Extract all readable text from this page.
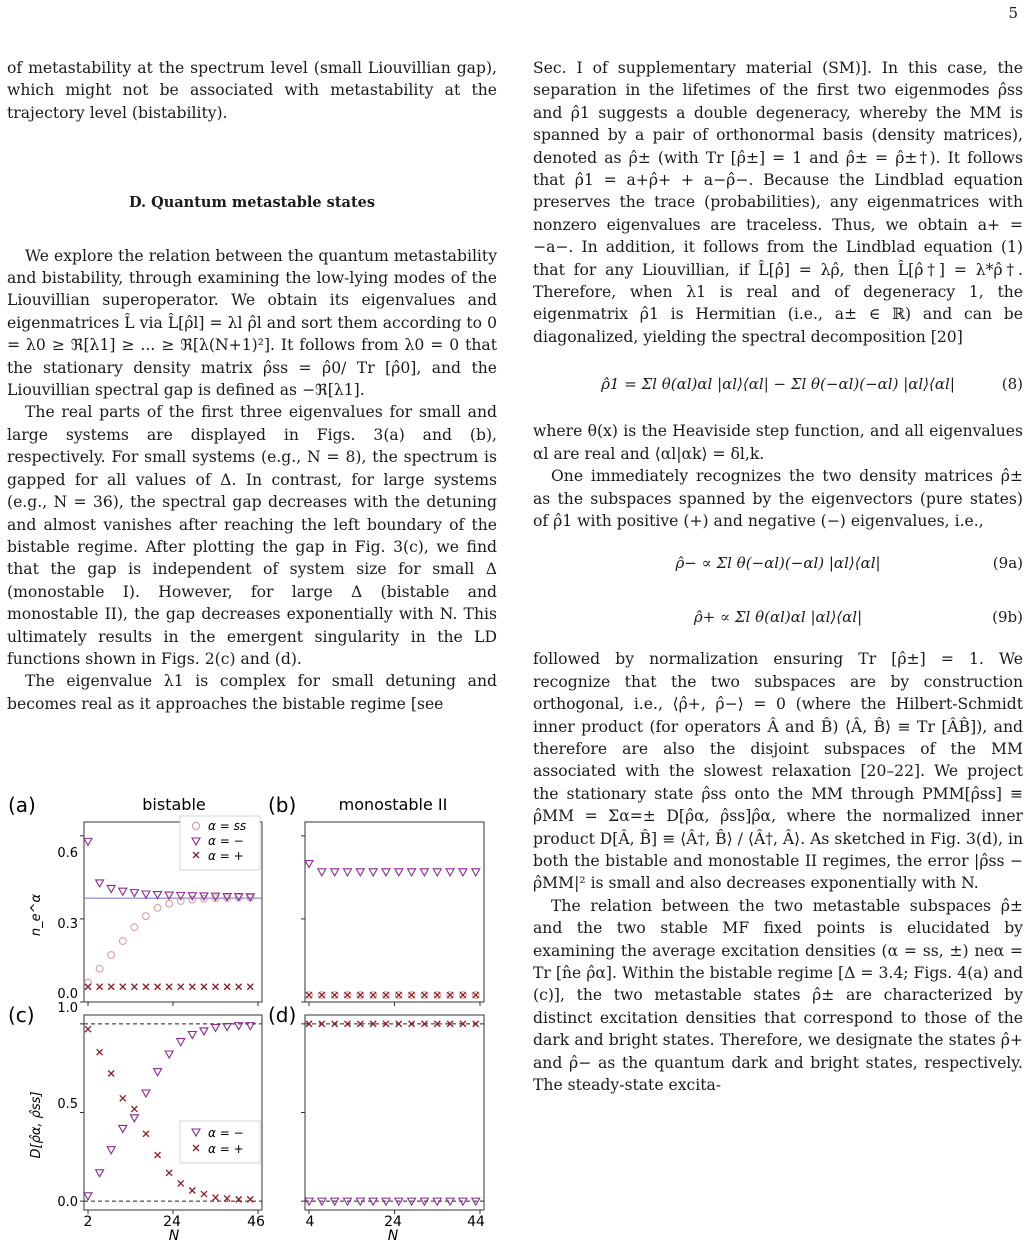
5

of metastability at the spectrum level (small Liouvillian gap), which might not be associated with metastability at the trajectory level (bistability).

D. Quantum metastable states

We explore the relation between the quantum metastability and bistability, through examining the low-lying modes of the Liouvillian superoperator. We obtain its eigenvalues and eigenmatrices L̂ via L̂[ρ̂l] = λl ρ̂l and sort them according to 0 = λ0 ≥ ℜ[λ1] ≥ ... ≥ ℜ[λ(N+1)²]. It follows from λ0 = 0 that the stationary density matrix ρ̂ss = ρ̂0/ Tr [ρ̂0], and the Liouvillian spectral gap is defined as −ℜ[λ1].

The real parts of the first three eigenvalues for small and large systems are displayed in Figs. 3(a) and (b), respectively. For small systems (e.g., N = 8), the spectrum is gapped for all values of Δ. In contrast, for large systems (e.g., N = 36), the spectral gap decreases with the detuning and almost vanishes after reaching the left boundary of the bistable regime. After plotting the gap in Fig. 3(c), we find that the gap is independent of system size for small Δ (monostable I). However, for large Δ (bistable and monostable II), the gap decreases exponentially with N. This ultimately results in the emergent singularity in the LD functions shown in Figs. 2(c) and (d).

The eigenvalue λ1 is complex for small detuning and becomes real as it approaches the bistable regime [see

(a)	(b)
(c)	(d)
bistable	monostable II
n_e^α
D[ρ̂α, ρ̂ss]
N	N
0.0
0.3
0.6
0.0
0.5
1.0
2	24	46	4	24	44
α = ss
α = −
α = +
α = −
α = +

Sec. I of supplementary material (SM)]. In this case, the separation in the lifetimes of the first two eigenmodes ρ̂ss and ρ̂1 suggests a double degeneracy, whereby the MM is spanned by a pair of orthonormal basis (density matrices), denoted as ρ̂± (with Tr [ρ̂±] = 1 and ρ̂± = ρ̂±†). It follows that ρ̂1 = a+ρ̂+ + a−ρ̂−. Because the Lindblad equation preserves the trace (probabilities), any eigenmatrices with nonzero eigenvalues are traceless. Thus, we obtain a+ = −a−. In addition, it follows from the Lindblad equation (1) that for any Liouvillian, if L̂[ρ̂] = λρ̂, then L̂[ρ̂†] = λ*ρ̂†. Therefore, when λ1 is real and of degeneracy 1, the eigenmatrix ρ̂1 is Hermitian (i.e., a± ∈ ℝ) and can be diagonalized, yielding the spectral decomposition [20]

ρ̂1 = Σl θ(αl)αl |αl⟩⟨αl| − Σl θ(−αl)(−αl) |αl⟩⟨αl|	(8)

where θ(x) is the Heaviside step function, and all eigenvalues αl are real and ⟨αl|αk⟩ = δl,k.

One immediately recognizes the two density matrices ρ̂± as the subspaces spanned by the eigenvectors (pure states) of ρ̂1 with positive (+) and negative (−) eigenvalues, i.e.,

ρ̂− ∝ Σl θ(−αl)(−αl) |αl⟩⟨αl|	(9a)
ρ̂+ ∝ Σl θ(αl)αl |αl⟩⟨αl|	(9b)

followed by normalization ensuring Tr [ρ̂±] = 1. We recognize that the two subspaces are by construction orthogonal, i.e., ⟨ρ̂+, ρ̂−⟩ = 0 (where the Hilbert-Schmidt inner product (for operators Â and B̂) ⟨Â, B̂⟩ ≡ Tr [ÂB̂]), and therefore are also the disjoint subspaces of the MM associated with the slowest relaxation [20–22]. We project the stationary state ρ̂ss onto the MM through PMM[ρ̂ss] ≡ ρ̂MM = Σα=± D[ρ̂α, ρ̂ss]ρ̂α, where the normalized inner product D[Â, B̂] ≡ ⟨Â†, B̂⟩ / ⟨Â†, Â⟩. As sketched in Fig. 3(d), in both the bistable and monostable II regimes, the error |ρ̂ss − ρ̂MM|² is small and also decreases exponentially with N.

The relation between the two metastable subspaces ρ̂± and the two stable MF fixed points is elucidated by examining the average excitation densities (α = ss, ±) neα = Tr [n̂e ρ̂α]. Within the bistable regime [Δ = 3.4; Figs. 4(a) and (c)], the two metastable states ρ̂± are characterized by distinct excitation densities that correspond to those of the dark and bright states. Therefore, we designate the states ρ̂+ and ρ̂− as the quantum dark and bright states, respectively. The steady-state excita-
